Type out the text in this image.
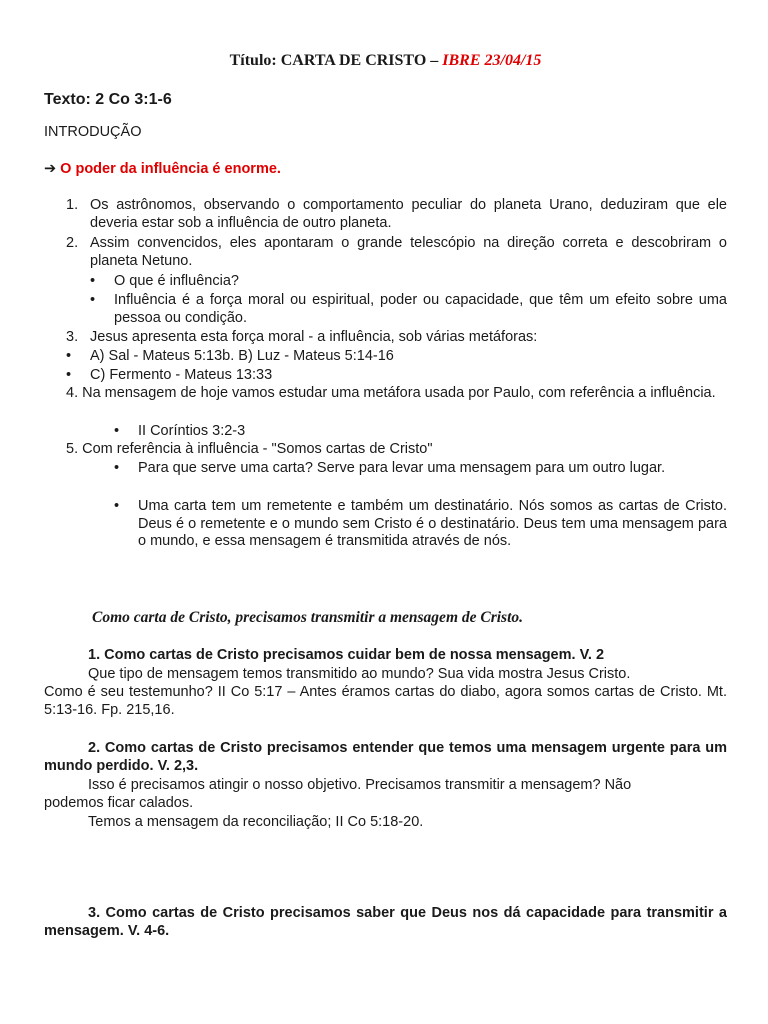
Título: CARTA DE CRISTO – IBRE 23/04/15
Texto: 2 Co 3:1-6
INTRODUÇÃO
➔ O poder da influência é enorme.
1. Os astrônomos, observando o comportamento peculiar do planeta Urano, deduziram que ele deveria estar sob a influência de outro planeta.
2. Assim convencidos, eles apontaram o grande telescópio na direção correta e descobriram o planeta Netuno.
• O que é influência?
• Influência é a força moral ou espiritual, poder ou capacidade, que têm um efeito sobre uma pessoa ou condição.
3. Jesus apresenta esta força moral - a influência, sob várias metáforas:
• A) Sal - Mateus 5:13b. B) Luz - Mateus 5:14-16
• C) Fermento - Mateus 13:33
4. Na mensagem de hoje vamos estudar uma metáfora usada por Paulo, com referência a influência.
• II Coríntios 3:2-3
5. Com referência à influência - "Somos cartas de Cristo"
• Para que serve uma carta? Serve para levar uma mensagem para um outro lugar.
• Uma carta tem um remetente e também um destinatário. Nós somos as cartas de Cristo. Deus é o remetente e o mundo sem Cristo é o destinatário. Deus tem uma mensagem para o mundo, e essa mensagem é transmitida através de nós.
Como carta de Cristo, precisamos transmitir a mensagem de Cristo.
1. Como cartas de Cristo precisamos cuidar bem de nossa mensagem. V. 2
Que tipo de mensagem temos transmitido ao mundo? Sua vida mostra Jesus Cristo.
Como é seu testemunho? II Co 5:17 – Antes éramos cartas do diabo, agora somos cartas de Cristo. Mt. 5:13-16. Fp. 215,16.
2. Como cartas de Cristo precisamos entender que temos uma mensagem urgente para um mundo perdido. V. 2,3.
Isso é precisamos atingir o nosso objetivo. Precisamos transmitir a mensagem? Não
podemos ficar calados.
Temos a mensagem da reconciliação; II Co 5:18-20.
3. Como cartas de Cristo precisamos saber que Deus nos dá capacidade para transmitir a mensagem. V. 4-6.
